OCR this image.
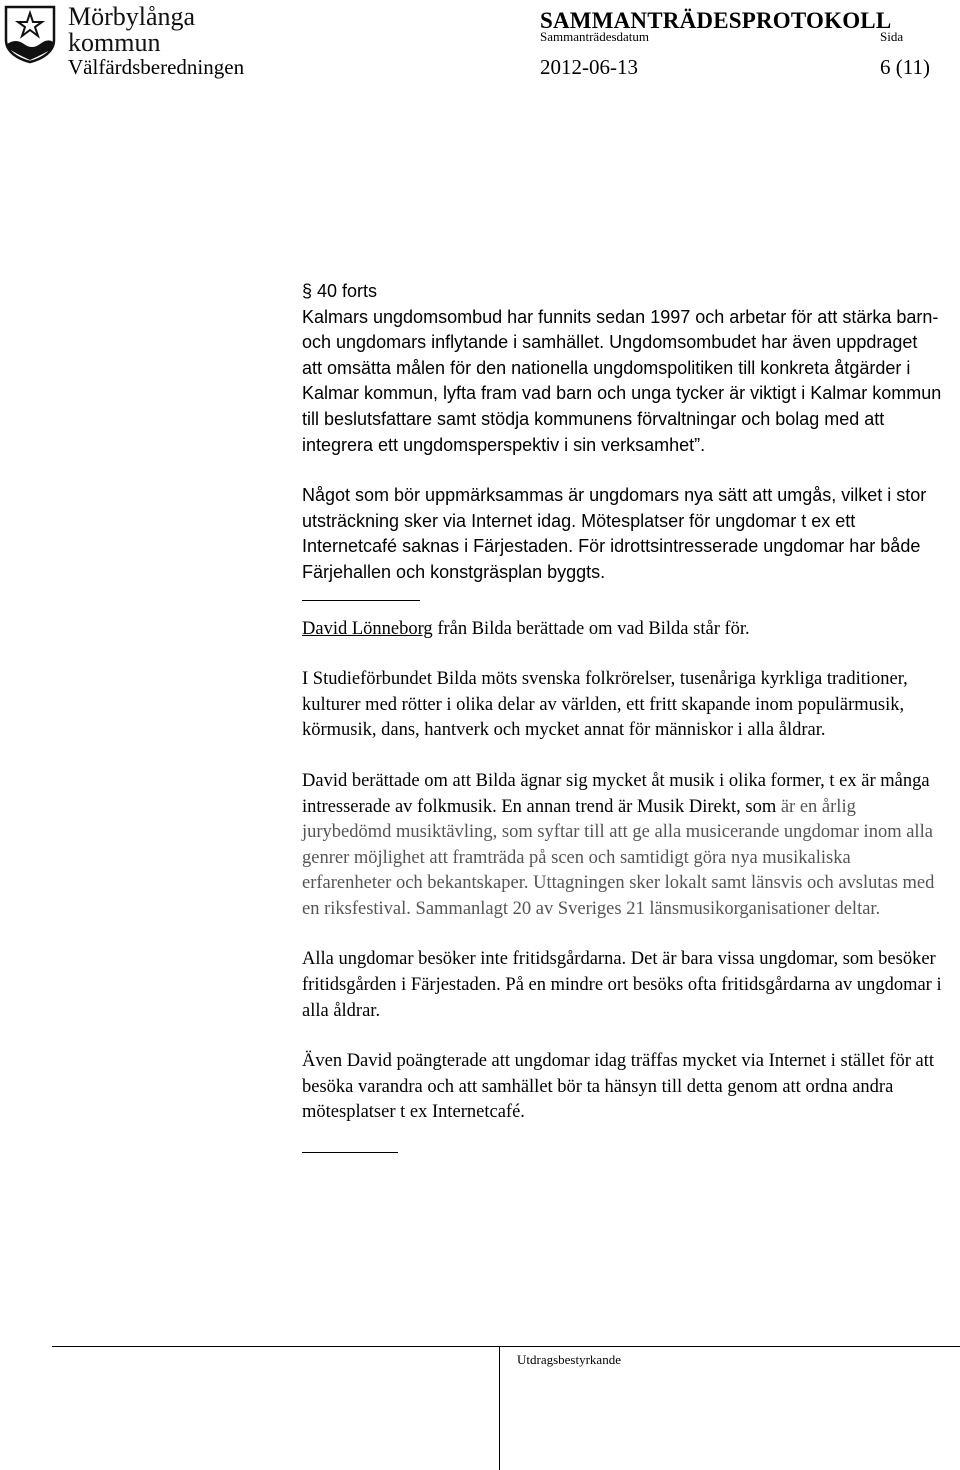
Mörbylånga
kommun
SAMMANTRÄDESPROTOKOLL
Sammanträdesdatum	Sida
Välfärdsberedningen	2012-06-13	6 (11)

§ 40 forts

Kalmars ungdomsombud har funnits sedan 1997 och arbetar för att stärka barn- och ungdomars inflytande i samhället. Ungdomsombudet har även uppdraget att omsätta målen för den nationella ungdomspolitiken till konkreta åtgärder i Kalmar kommun, lyfta fram vad barn och unga tycker är viktigt i Kalmar kommun till beslutsfattare samt stödja kommunens förvaltningar och bolag med att integrera ett ungdomsperspektiv i sin verksamhet”.

Något som bör uppmärksammas är ungdomars nya sätt att umgås, vilket i stor utsträckning sker via Internet idag. Mötesplatser för ungdomar t ex ett Internetcafé saknas i Färjestaden. För idrottsintresserade ungdomar har både Färjehallen och konstgräsplan byggts.

David Lönneborg från Bilda berättade om vad Bilda står för.

I Studieförbundet Bilda möts svenska folkrörelser, tusenåriga kyrkliga traditioner, kulturer med rötter i olika delar av världen, ett fritt skapande inom populärmusik, körmusik, dans, hantverk och mycket annat för människor i alla åldrar.

David berättade om att Bilda ägnar sig mycket åt musik i olika former, t ex är många intresserade av folkmusik. En annan trend är Musik Direkt, som är en årlig jurybedömd musiktävling, som syftar till att ge alla musicerande ungdomar inom alla genrer möjlighet att framträda på scen och samtidigt göra nya musikaliska erfarenheter och bekantskaper. Uttagningen sker lokalt samt länsvis och avslutas med en riksfestival. Sammanlagt 20 av Sveriges 21 länsmusikorganisationer deltar.

Alla ungdomar besöker inte fritidsgårdarna. Det är bara vissa ungdomar, som besöker fritidsgården i Färjestaden. På en mindre ort besöks ofta fritidsgårdarna av ungdomar i alla åldrar.

Även David poängterade att ungdomar idag träffas mycket via Internet i stället för att besöka varandra och att samhället bör ta hänsyn till detta genom att ordna andra mötesplatser t ex Internetcafé.

Utdragsbestyrkande
